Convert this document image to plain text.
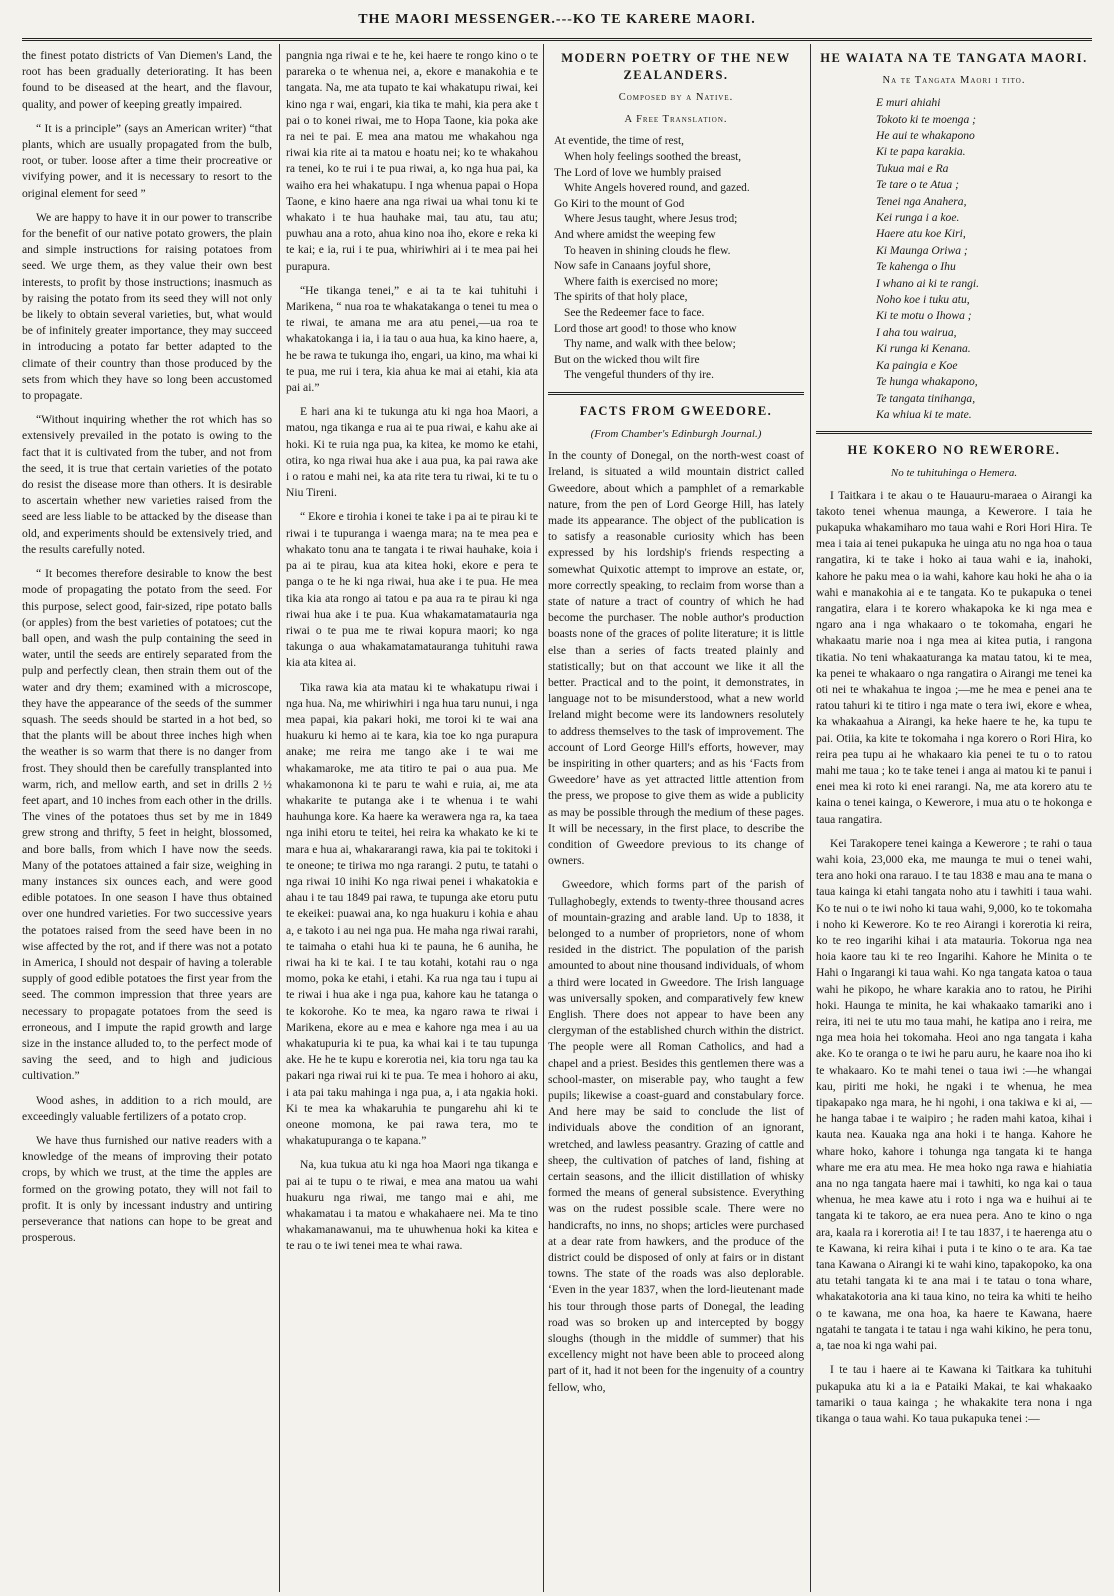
THE MAORI MESSENGER.---KO TE KARERE MAORI.

the finest potato districts of Van Diemen's Land, the root has been gradually deteriorating. It has been found to be diseased at the heart, and the flavour, quality, and power of keeping greatly impaired.

“ It is a principle” (says an American writer) “that plants, which are usually propagated from the bulb, root, or tuber. loose after a time their procreative or vivifying power, and it is necessary to resort to the original element for seed ”

We are happy to have it in our power to transcribe for the benefit of our native potato growers, the plain and simple instructions for raising potatoes from seed. We urge them, as they value their own best interests, to profit by those instructions; inasmuch as by raising the potato from its seed they will not only be likely to obtain several varieties, but, what would be of infinitely greater importance, they may succeed in introducing a potato far better adapted to the climate of their country than those produced by the sets from which they have so long been accustomed to propagate.

“Without inquiring whether the rot which has so extensively prevailed in the potato is owing to the fact that it is cultivated from the tuber, and not from the seed, it is true that certain varieties of the potato do resist the disease more than others. It is desirable to ascertain whether new varieties raised from the seed are less liable to be attacked by the disease than old, and experiments should be extensively tried, and the results carefully noted.

“ It becomes therefore desirable to know the best mode of propagating the potato from the seed. For this purpose, select good, fair-sized, ripe potato balls (or apples) from the best varieties of potatoes; cut the ball open, and wash the pulp containing the seed in water, until the seeds are entirely separated from the pulp and perfectly clean, then strain them out of the water and dry them; examined with a microscope, they have the appearance of the seeds of the summer squash. The seeds should be started in a hot bed, so that the plants will be about three inches high when the weather is so warm that there is no danger from frost. They should then be carefully transplanted into warm, rich, and mellow earth, and set in drills 2 ½ feet apart, and 10 inches from each other in the drills. The vines of the potatoes thus set by me in 1849 grew strong and thrifty, 5 feet in height, blossomed, and bore balls, from which I have now the seeds. Many of the potatoes attained a fair size, weighing in many instances six ounces each, and were good edible potatoes. In one season I have thus obtained over one hundred varieties. For two successive years the potatoes raised from the seed have been in no wise affected by the rot, and if there was not a potato in America, I should not despair of having a tolerable supply of good edible potatoes the first year from the seed. The common impression that three years are necessary to propagate potatoes from the seed is erroneous, and I impute the rapid growth and large size in the instance alluded to, to the perfect mode of saving the seed, and to high and judicious cultivation.”

Wood ashes, in addition to a rich mould, are exceedingly valuable fertilizers of a potato crop.

We have thus furnished our native readers with a knowledge of the means of improving their potato crops, by which we trust, at the time the apples are formed on the growing potato, they will not fail to profit. It is only by incessant industry and untiring perseverance that nations can hope to be great and prosperous.

pangnia nga riwai e te he, kei haere te rongo kino o te parareka o te whenua nei, a, ekore e manakohia e te tangata. Na, me ata tupato te kai whakatupu riwai, kei kino nga r wai, engari, kia tika te mahi, kia pera ake t pai o to konei riwai, me to Hopa Taone, kia poka ake ra nei te pai. E mea ana matou me whakahou nga riwai kia rite ai ta matou e hoatu nei; ko te whakahou ra tenei, ko te rui i te pua riwai, a, ko nga hua pai, ka waiho era hei whakatupu. I nga whenua papai o Hopa Taone, e kino haere ana nga riwai ua whai tonu ki te whakato i te hua hauhake mai, tau atu, tau atu; puwhau ana a roto, ahua kino noa iho, ekore e reka ki te kai; e ia, rui i te pua, whiriwhiri ai i te mea pai hei purapura.

“He tikanga tenei,” e ai ta te kai tuhituhi i Marikena, “ nua roa te whakatakanga o tenei tu mea o te riwai, te amana me ara atu penei,—ua roa te whakatokanga i ia, i ia tau o aua hua, ka kino haere, a, he be rawa te tukunga iho, engari, ua kino, ma whai ki te pua, me rui i tera, kia ahua ke mai ai etahi, kia ata pai ai.”

E hari ana ki te tukunga atu ki nga hoa Maori, a matou, nga tikanga e rua ai te pua riwai, e kahu ake ai hoki. Ki te ruia nga pua, ka kitea, ke momo ke etahi, otira, ko nga riwai hua ake i aua pua, ka pai rawa ake i o ratou e mahi nei, ka ata rite tera tu riwai, ki te tu o Niu Tireni.

“ Ekore e tirohia i konei te take i pa ai te pirau ki te riwai i te tupuranga i waenga mara; na te mea pea e whakato tonu ana te tangata i te riwai hauhake, koia i pa ai te pirau, kua ata kitea hoki, ekore e pera te panga o te he ki nga riwai, hua ake i te pua. He mea tika kia ata rongo ai tatou e pa aua ra te pirau ki nga riwai hua ake i te pua. Kua whakamatamatauria nga riwai o te pua me te riwai kopura maori; ko nga takunga o aua whakamatamatauranga tuhituhi rawa kia ata kitea ai.

Tika rawa kia ata matau ki te whakatupu riwai i nga hua. Na, me whiriwhiri i nga hua taru nunui, i nga mea papai, kia pakari hoki, me toroi ki te wai ana huakuru ki hemo ai te kara, kia toe ko nga purapura anake; me reira me tango ake i te wai me whakamaroke, me ata titiro te pai o aua pua. Me whakamonona ki te paru te wahi e ruia, ai, me ata whakarite te putanga ake i te whenua i te wahi hauhunga kore. Ka haere ka werawera nga ra, ka taea nga inihi etoru te teitei, hei reira ka whakato ke ki te mara e hua ai, whakararangi rawa, kia pai te tokitoki i te oneone; te tiriwa mo nga rarangi. 2 putu, te tatahi o nga riwai 10 inihi Ko nga riwai penei i whakatokia e ahau i te tau 1849 pai rawa, te tupunga ake etoru putu te ekeikei: puawai ana, ko nga huakuru i kohia e ahau a, e takoto i au nei nga pua. He maha nga riwai rarahi, te taimaha o etahi hua ki te pauna, he 6 auniha, he riwai ha ki te kai. I te tau kotahi, kotahi rau o nga momo, poka ke etahi, i etahi. Ka rua nga tau i tupu ai te riwai i hua ake i nga pua, kahore kau he tatanga o te kokorohe. Ko te mea, ka ngaro rawa te riwai i Marikena, ekore au e mea e kahore nga mea i au ua whakatupuria ki te pua, ka whai kai i te tau tupunga ake. He he te kupu e korerotia nei, kia toru nga tau ka pakari nga riwai rui ki te pua. Te mea i hohoro ai aku, i ata pai taku mahinga i nga pua, a, i ata ngakia hoki. Ki te mea ka whakaruhia te pungarehu ahi ki te oneone momona, ke pai rawa tera, mo te whakatupuranga o te kapana.”

Na, kua tukua atu ki nga hoa Maori nga tikanga e pai ai te tupu o te riwai, e mea ana matou ua wahi huakuru nga riwai, me tango mai e ahi, me whakamatau i ta matou e whakahaere nei. Ma te tino whakamanawanui, ma te uhuwhenua hoki ka kitea e te rau o te iwi tenei mea te whai rawa.

MODERN POETRY OF THE NEW ZEALANDERS.
Composed by a Native.
A Free Translation.
At eventide, the time of rest,
When holy feelings soothed the breast,
The Lord of love we humbly praised
White Angels hovered round, and gazed.
Go Kiri to the mount of God
Where Jesus taught, where Jesus trod;
And where amidst the weeping few
To heaven in shining clouds he flew.
Now safe in Canaans joyful shore,
Where faith is exercised no more;
The spirits of that holy place,
See the Redeemer face to face.
Lord those art good! to those who know
Thy name, and walk with thee below;
But on the wicked thou wilt fire
The vengeful thunders of thy ire.
FACTS FROM GWEEDORE.
(From Chamber's Edinburgh Journal.)

In the county of Donegal, on the north-west coast of Ireland, is situated a wild mountain district called Gweedore, about which a pamphlet of a remarkable nature, from the pen of Lord George Hill, has lately made its appearance. The object of the publication is to satisfy a reasonable curiosity which has been expressed by his lordship's friends respecting a somewhat Quixotic attempt to improve an estate, or, more correctly speaking, to reclaim from worse than a state of nature a tract of country of which he had become the purchaser. The noble author's production boasts none of the graces of polite literature; it is little else than a series of facts treated plainly and statistically; but on that account we like it all the better. Practical and to the point, it demonstrates, in language not to be misunderstood, what a new world Ireland might become were its landowners resolutely to address themselves to the task of improvement. The account of Lord George Hill's efforts, however, may be inspiriting in other quarters; and as his ‘Facts from Gweedore’ have as yet attracted little attention from the press, we propose to give them as wide a publicity as may be possible through the medium of these pages. It will be necessary, in the first place, to describe the condition of Gweedore previous to its change of owners.

Gweedore, which forms part of the parish of Tullaghobegly, extends to twenty-three thousand acres of mountain-grazing and arable land. Up to 1838, it belonged to a number of proprietors, none of whom resided in the district. The population of the parish amounted to about nine thousand individuals, of whom a third were located in Gweedore. The Irish language was universally spoken, and comparatively few knew English. There does not appear to have been any clergyman of the established church within the district. The people were all Roman Catholics, and had a chapel and a priest. Besides this gentlemen there was a school-master, on miserable pay, who taught a few pupils; likewise a coast-guard and constabulary force. And here may be said to conclude the list of individuals above the condition of an ignorant, wretched, and lawless peasantry. Grazing of cattle and sheep, the cultivation of patches of land, fishing at certain seasons, and the illicit distillation of whisky formed the means of general subsistence. Everything was on the rudest possible scale. There were no handicrafts, no inns, no shops; articles were purchased at a dear rate from hawkers, and the produce of the district could be disposed of only at fairs or in distant towns. The state of the roads was also deplorable. ‘Even in the year 1837, when the lord-lieutenant made his tour through those parts of Donegal, the leading road was so broken up and intercepted by boggy sloughs (though in the middle of summer) that his excellency might not have been able to proceed along part of it, had it not been for the ingenuity of a country fellow, who,

HE WAIATA NA TE TANGATA MAORI.
Na te Tangata Maori i tito.
E muri ahiahi
Tokoto ki te moenga ;
He aui te whakapono
Ki te papa karakia.
Tukua mai e Ra
Te tare o te Atua ;
Tenei nga Anahera,
Kei runga i a koe.
Haere atu koe Kiri,
Ki Maunga Oriwa ;
Te kahenga o Ihu
I whano ai ki te rangi.
Noho koe i tuku atu,
Ki te motu o Ihowa ;
I aha tou wairua,
Ki runga ki Kenana.
Ka paingia e Koe
Te hunga whakapono,
Te tangata tinihanga,
Ka whiua ki te mate.
HE KOKERO NO REWERORE.
No te tuhituhinga o Hemera.

I Taitkara i te akau o te Hauauru-maraea o Airangi ka takoto tenei whenua maunga, a Kewerore. I taia he pukapuka whakamiharo mo taua wahi e Rori Hori Hira. Te mea i taia ai tenei pukapuka he uinga atu no nga hoa o taua rangatira, ki te take i hoko ai taua wahi e ia, inahoki, kahore he paku mea o ia wahi, kahore kau hoki he aha o ia wahi e manakohia ai e te tangata. Ko te pukapuka o tenei rangatira, elara i te korero whakapoka ke ki nga mea e ngaro ana i nga whakaaro o te tokomaha, engari he whakaatu marie noa i nga mea ai kitea putia, i rangona tikatia. No teni whakaaturanga ka matau tatou, ki te mea, ka penei te whakaaro o nga rangatira o Airangi me tenei ka oti nei te whakahua te ingoa ;—me he mea e penei ana te ratou tahuri ki te titiro i nga mate o tera iwi, ekore e whea, ka whakaahua a Airangi, ka heke haere te he, ka tupu te pai. Otiia, ka kite te tokomaha i nga korero o Rori Hira, ko reira pea tupu ai he whakaaro kia penei te tu o to ratou mahi me taua ; ko te take tenei i anga ai matou ki te panui i enei mea ki roto ki enei rarangi. Na, me ata korero atu te kaina o tenei kainga, o Kewerore, i mua atu o te hokonga e taua rangatira.

Kei Tarakopere tenei kainga a Kewerore ; te rahi o taua wahi koia, 23,000 eka, me maunga te mui o tenei wahi, tera ano hoki ona rarauo. I te tau 1838 e mau ana te mana o taua kainga ki etahi tangata noho atu i tawhiti i taua wahi. Ko te nui o te iwi noho ki taua wahi, 9,000, ko te tokomaha i noho ki Kewerore. Ko te reo Airangi i korerotia ki reira, ko te reo ingarihi kihai i ata matauria. Tokorua nga nea hoia kaore tau ki te reo Ingarihi. Kahore he Minita o te Hahi o Ingarangi ki taua wahi. Ko nga tangata katoa o taua wahi he pikopo, he whare karakia ano to ratou, he Pirihi hoki. Haunga te minita, he kai whakaako tamariki ano i reira, iti nei te utu mo taua mahi, he katipa ano i reira, me nga mea hoia hei tokomaha. Heoi ano nga tangata i kaha ake. Ko te oranga o te iwi he paru auru, he kaare noa iho ki te whakaaro. Ko te mahi tenei o taua iwi :—he whangai kau, piriti me hoki, he ngaki i te whenua, he mea tipakapako nga mara, he hi ngohi, i ona takiwa e ki ai, —he hanga tabae i te waipiro ; he raden mahi katoa, kihai i kauta nea. Kauaka nga ana hoki i te hanga. Kahore he whare hoko, kahore i tohunga nga tangata ki te hanga whare me era atu mea. He mea hoko nga rawa e hiahiatia ana no nga tangata haere mai i tawhiti, ko nga kai o taua whenua, he mea kawe atu i roto i nga wa e huihui ai te tangata ki te takoro, ae era nuea pera. Ano te kino o nga ara, kaala ra i korerotia ai! I te tau 1837, i te haerenga atu o te Kawana, ki reira kihai i puta i te kino o te ara. Ka tae tana Kawana o Airangi ki te wahi kino, tapakopoko, ka ona atu tetahi tangata ki te ana mai i te tatau o tona whare, whakatakotoria ana ki taua kino, no teira ka whiti te heiho o te kawana, me ona hoa, ka haere te Kawana, haere ngatahi te tangata i te tatau i nga wahi kikino, he pera tonu, a, tae noa ki nga wahi pai.

I te tau i haere ai te Kawana ki Taitkara ka tuhituhi pukapuka atu ki a ia e Pataiki Makai, te kai whakaako tamariki o taua kainga ; he whakakite tera nona i nga tikanga o taua wahi. Ko taua pukapuka tenei :—
